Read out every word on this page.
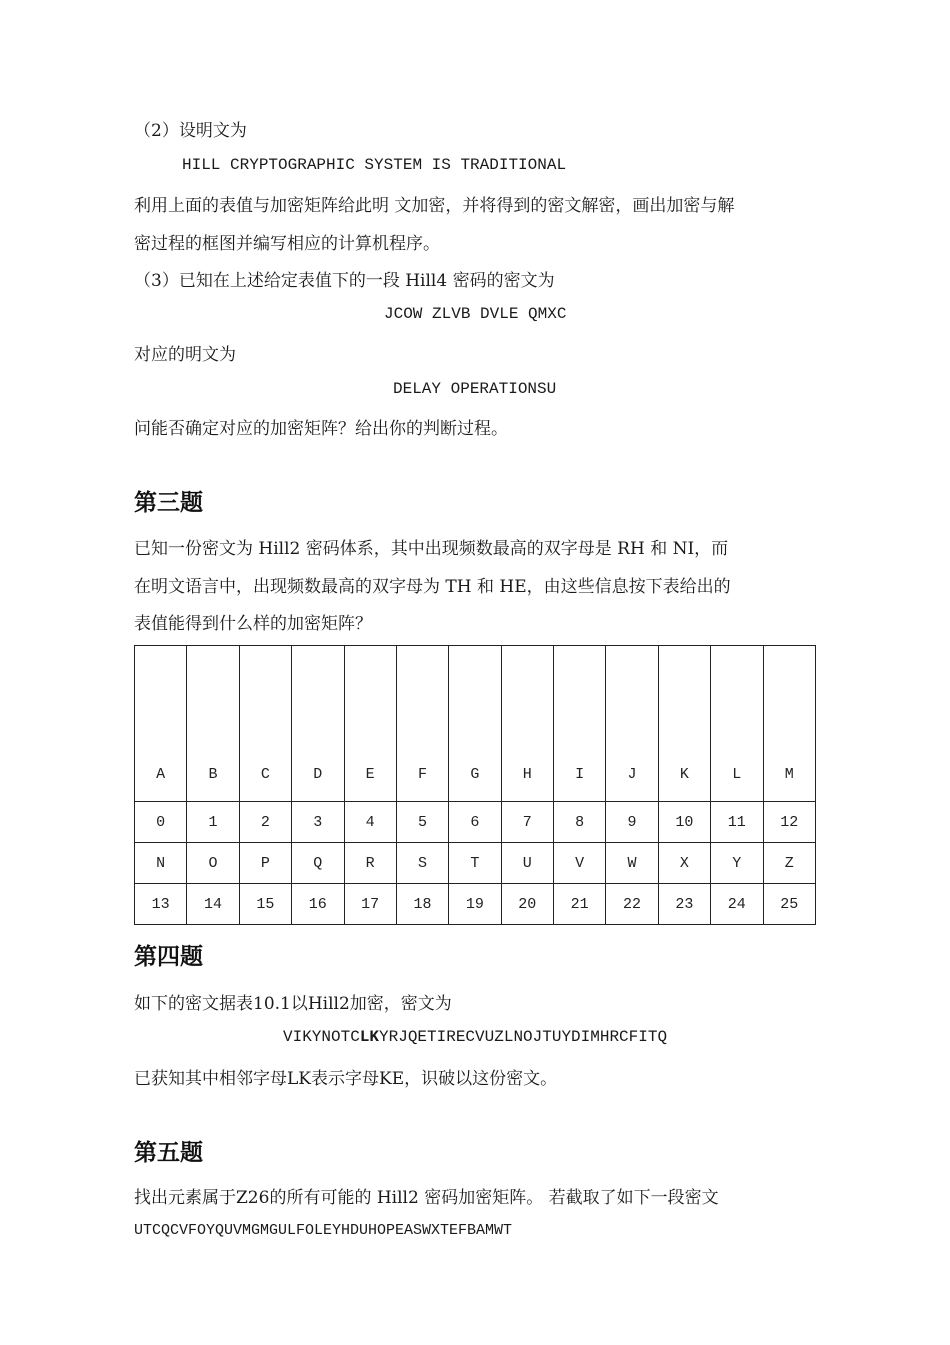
（2）设明文为
HILL CRYPTOGRAPHIC SYSTEM IS TRADITIONAL
利用上面的表值与加密矩阵给此明 文加密，并将得到的密文解密，画出加密与解
密过程的框图并编写相应的计算机程序。
（3）已知在上述给定表值下的一段 Hill4 密码的密文为
JCOW ZLVB DVLE QMXC
对应的明文为
DELAY OPERATIONSU
问能否确定对应的加密矩阵？给出你的判断过程。
第三题
已知一份密文为 Hill2 密码体系，其中出现频数最高的双字母是 RH 和 NI，而
在明文语言中，出现频数最高的双字母为 TH 和 HE，由这些信息按下表给出的
表值能得到什么样的加密矩阵？
A	B	C	D	E	F	G	H	I	J	K	L	M
0	1	2	3	4	5	6	7	8	9	10	11	12
N	O	P	Q	R	S	T	U	V	W	X	Y	Z
13	14	15	16	17	18	19	20	21	22	23	24	25
第四题
如下的密文据表10.1以Hill2加密，密文为
VIKYNOTCLKYRJQETIRECVUZLNOJTUYDIMHRCFITQ
已获知其中相邻字母LK表示字母KE，识破以这份密文。
第五题
找出元素属于Z26的所有可能的 Hill2 密码加密矩阵。 若截取了如下一段密文
UTCQCVFOYQUVMGMGULFOLEYHDUHOPEASWXTEFBAMWT
